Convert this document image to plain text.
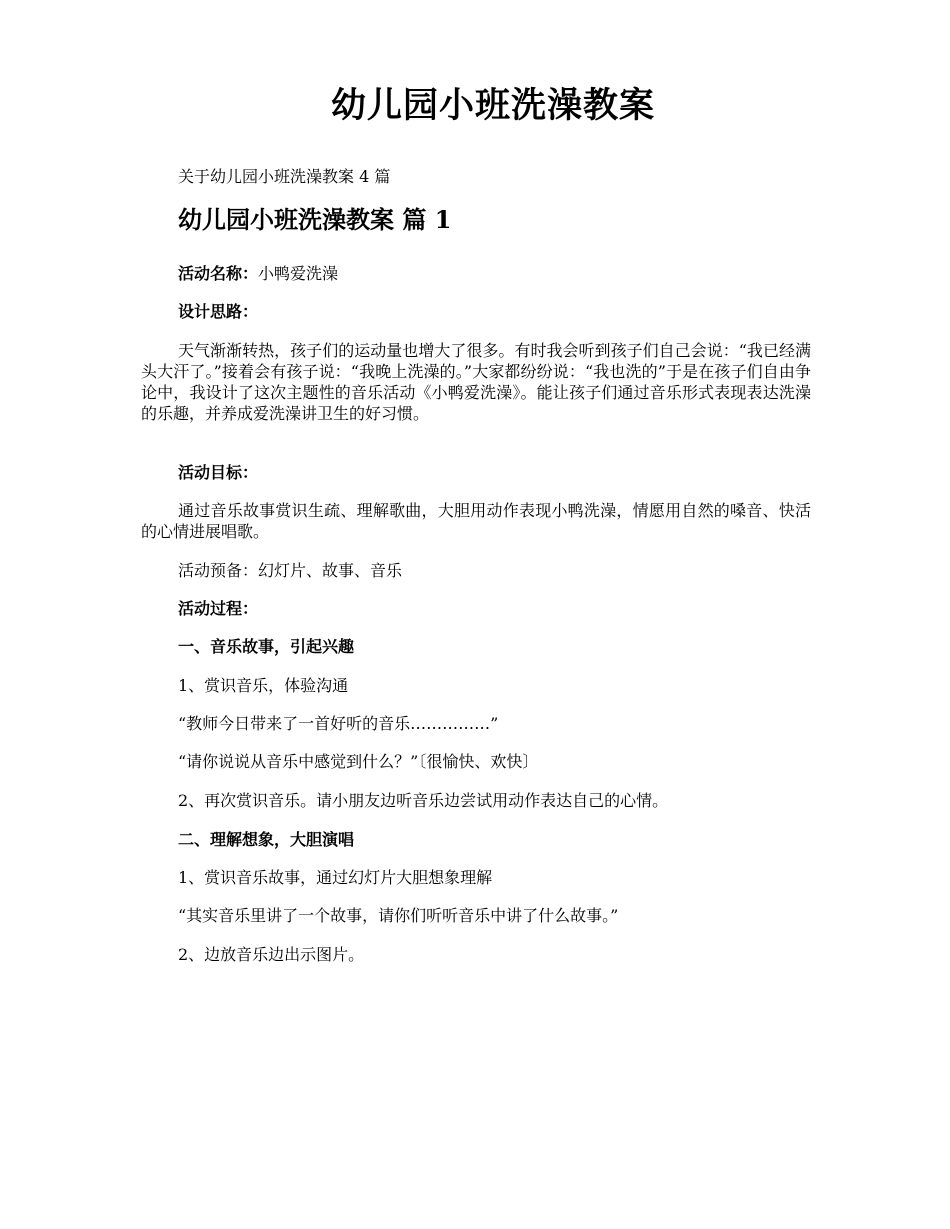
幼儿园小班洗澡教案
关于幼儿园小班洗澡教案 4 篇
幼儿园小班洗澡教案 篇 1
活动名称：小鸭爱洗澡
设计思路：
天气渐渐转热，孩子们的运动量也增大了很多。有时我会听到孩子们自己会说：“我已经满头大汗了。”接着会有孩子说：“我晚上洗澡的。”大家都纷纷说：“我也洗的”于是在孩子们自由争论中，我设计了这次主题性的音乐活动《小鸭爱洗澡》。能让孩子们通过音乐形式表现表达洗澡的乐趣，并养成爱洗澡讲卫生的好习惯。
活动目标：
通过音乐故事赏识生疏、理解歌曲，大胆用动作表现小鸭洗澡，情愿用自然的嗓音、快活的心情进展唱歌。
活动预备：幻灯片、故事、音乐
活动过程：
一、音乐故事，引起兴趣
1、赏识音乐，体验沟通
“教师今日带来了一首好听的音乐……………”
“请你说说从音乐中感觉到什么？”〔很愉快、欢快〕
2、再次赏识音乐。请小朋友边听音乐边尝试用动作表达自己的心情。
二、理解想象，大胆演唱
1、赏识音乐故事，通过幻灯片大胆想象理解
“其实音乐里讲了一个故事，请你们听听音乐中讲了什么故事。”
2、边放音乐边出示图片。
